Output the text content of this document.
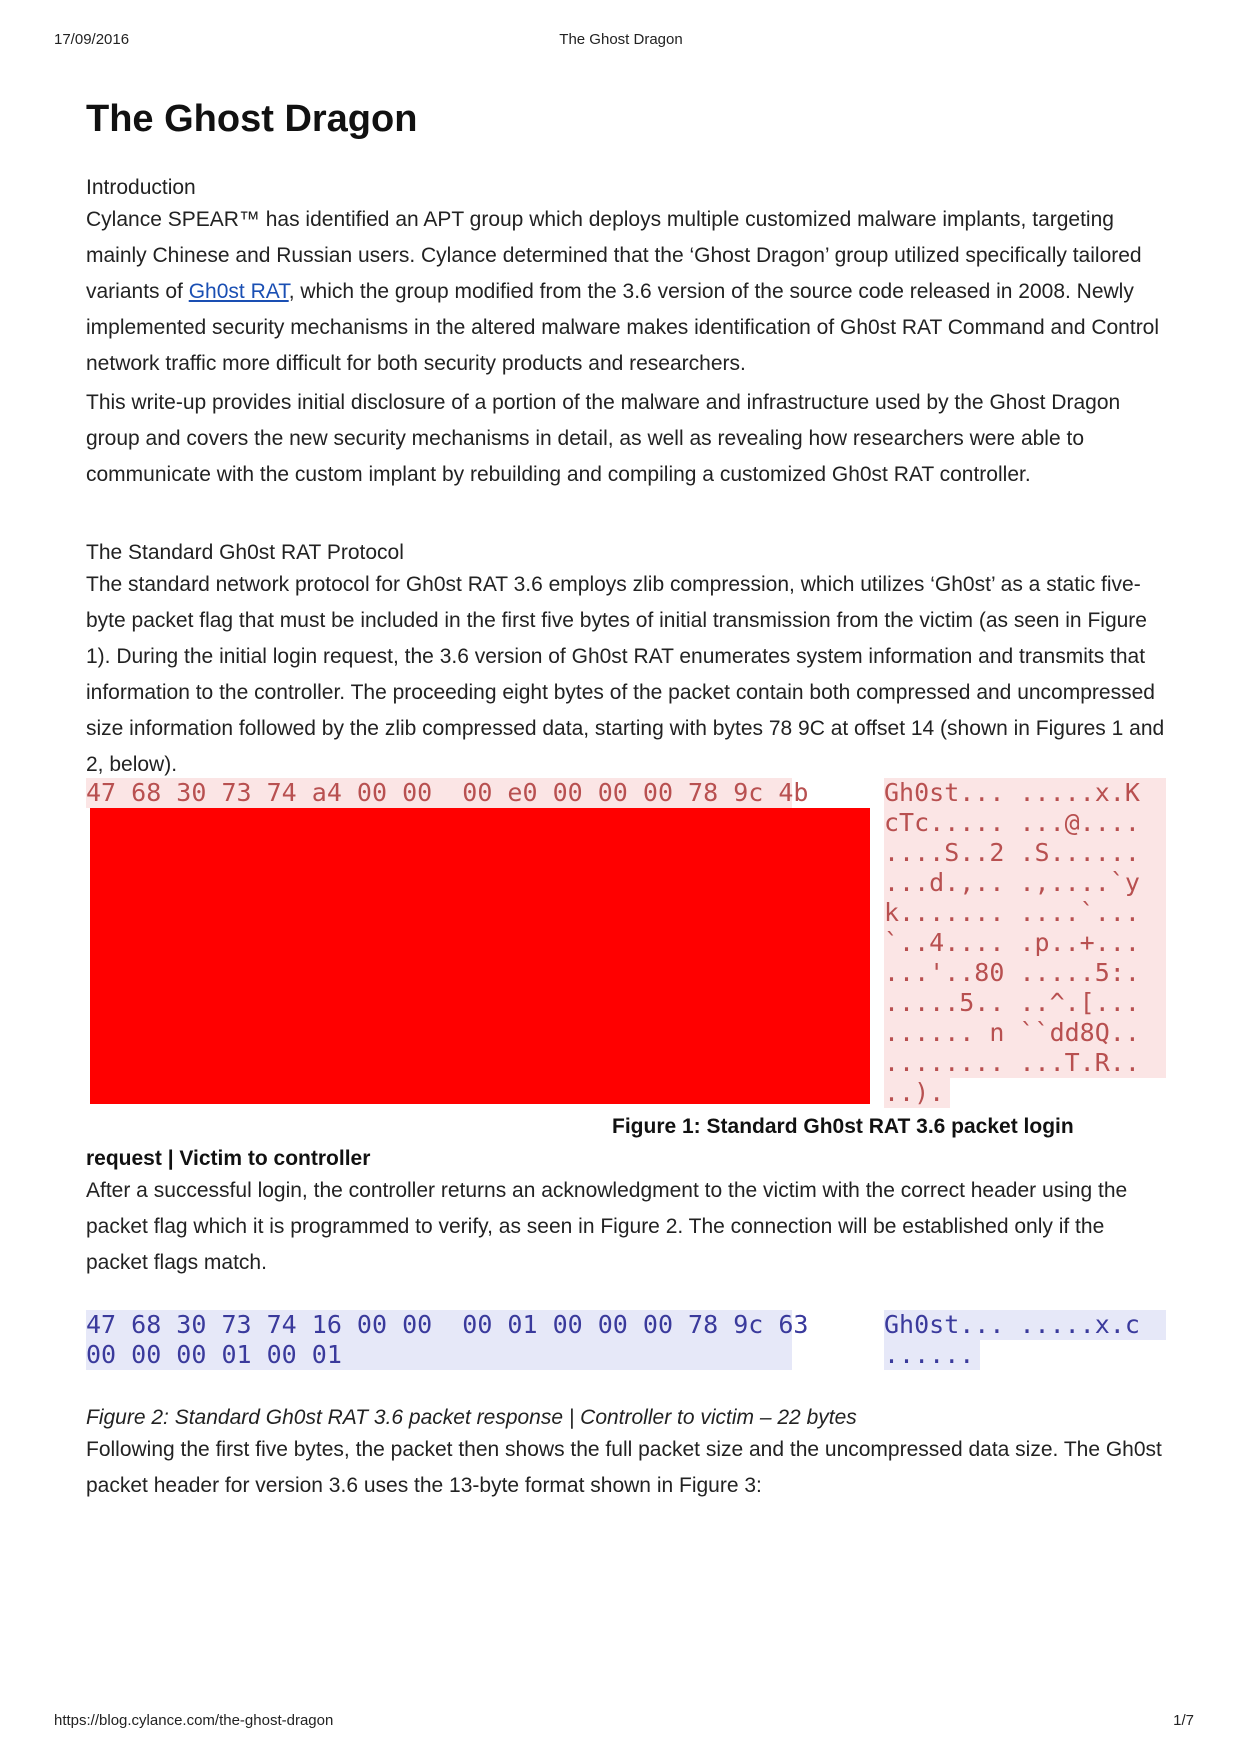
17/09/2016	The Ghost Dragon
The Ghost Dragon

Introduction

Cylance SPEAR™ has identified an APT group which deploys multiple customized malware implants, targeting mainly Chinese and Russian users. Cylance determined that the ‘Ghost Dragon’ group utilized specifically tailored variants of Gh0st RAT, which the group modified from the 3.6 version of the source code released in 2008. Newly implemented security mechanisms in the altered malware makes identification of Gh0st RAT Command and Control network traffic more difficult for both security products and researchers.

This write-up provides initial disclosure of a portion of the malware and infrastructure used by the Ghost Dragon group and covers the new security mechanisms in detail, as well as revealing how researchers were able to communicate with the custom implant by rebuilding and compiling a customized Gh0st RAT controller.

The Standard Gh0st RAT Protocol

The standard network protocol for Gh0st RAT 3.6 employs zlib compression, which utilizes ‘Gh0st’ as a static five-byte packet flag that must be included in the first five bytes of initial transmission from the victim (as seen in Figure 1). During the initial login request, the 3.6 version of Gh0st RAT enumerates system information and transmits that information to the controller. The proceeding eight bytes of the packet contain both compressed and uncompressed size information followed by the zlib compressed data, starting with bytes 78 9C at offset 14 (shown in Figures 1 and 2, below).

47 68 30 73 74 a4 00 00  00 e0 00 00 00 78 9c 4b	Gh0st... .....x.K
cTc..... ...@....
....S..2 .S......
...d.,.. .,....`y
k....... ....`...
`..4.... .p..+...
...'..80 .....5:.
.....5.. ..^.[...
...... n ``dd8Q..
........ ...T.R..
..).
Figure 1: Standard Gh0st RAT 3.6 packet login
request | Victim to controller

After a successful login, the controller returns an acknowledgment to the victim with the correct header using the packet flag which it is programmed to verify, as seen in Figure 2. The connection will be established only if the packet flags match.

47 68 30 73 74 16 00 00  00 01 00 00 00 78 9c 63
00 00 00 01 00 01
Gh0st... .....x.c
......

Figure 2: Standard Gh0st RAT 3.6 packet response | Controller to victim – 22 bytes

Following the first five bytes, the packet then shows the full packet size and the uncompressed data size. The Gh0st packet header for version 3.6 uses the 13-byte format shown in Figure 3:

https://blog.cylance.com/the-ghost-dragon	1/7
